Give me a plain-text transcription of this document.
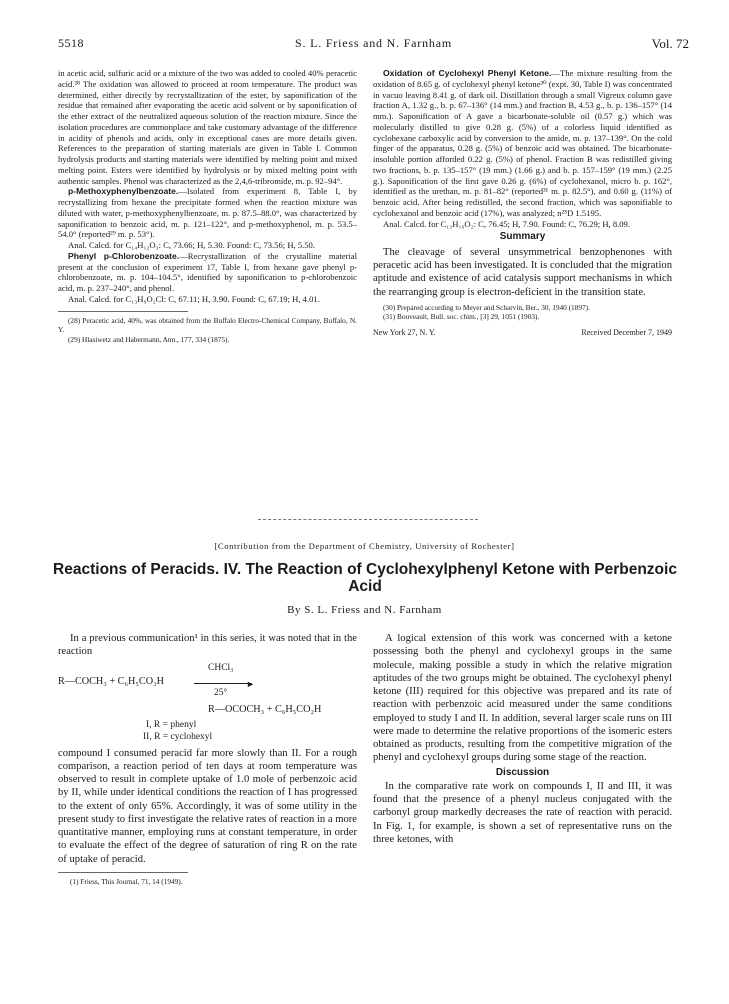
5518	S. L. Friess and N. Farnham	Vol. 72

in acetic acid, sulfuric acid or a mixture of the two was added to cooled 40% peracetic acid.²⁸ The oxidation was allowed to proceed at room temperature. The product was determined, either directly by recrystallization of the ester, by saponification of the residue that remained after evaporating the acetic acid solvent or by saponification of the ether extract of the neutralized aqueous solution of the reaction mixture. Since the isolation procedures are commonplace and take customary advantage of the difference in acidity of phenols and acids, only in exceptional cases are more details given. References to the preparation of starting materials are given in Table I. Common hydrolysis products and starting materials were identified by melting point and mixed melting point. Esters were identified by hydrolysis or by mixed melting point with authentic samples. Phenol was characterized as the 2,4,6-tribromide, m. p. 92–94°.

p-Methoxyphenylbenzoate.—Isolated from experiment 8, Table I, by recrystallizing from hexane the precipitate formed when the reaction mixture was diluted with water, p-methoxyphenylbenzoate, m. p. 87.5–88.0°, was characterized by saponification to benzoic acid, m. p. 121–122°, and p-methoxyphenol, m. p. 53.5–54.0° (reported²⁹ m. p. 53°).

Anal. Calcd. for C₁₄H₁₂O₃: C, 73.66; H, 5.30. Found: C, 73.56; H, 5.50.

Phenyl p-Chlorobenzoate.—Recrystallization of the crystalline material present at the conclusion of experiment 17, Table I, from hexane gave phenyl p-chlorobenzoate, m. p. 104–104.5°, identified by saponification to p-chlorobenzoic acid, m. p. 237–240°, and phenol.

Anal. Calcd. for C₁₃H₉O₂Cl: C, 67.11; H, 3.90. Found: C, 67.19; H, 4.01.

(28) Peracetic acid, 40%, was obtained from the Buffalo Electro-Chemical Company, Buffalo, N. Y.

(29) Hlasiwetz and Habermann, Ann., 177, 334 (1875).

Oxidation of Cyclohexyl Phenyl Ketone.—The mixture resulting from the oxidation of 8.65 g. of cyclohexyl phenyl ketone³⁰ (expt. 30, Table I) was concentrated in vacuo leaving 8.41 g. of dark oil. Distillation through a small Vigreux column gave fraction A, 1.32 g., b. p. 67–136° (14 mm.) and fraction B, 4.53 g., b. p. 136–157° (14 mm.). Saponification of A gave a bicarbonate-soluble oil (0.57 g.) which was molecularly distilled to give 0.28 g. (5%) of a colorless liquid identified as cyclohexane carboxylic acid by conversion to the amide, m. p. 137–139°. On the cold finger of the apparatus, 0.28 g. (5%) of benzoic acid was obtained. The bicarbonate-insoluble portion afforded 0.22 g. (5%) of phenol. Fraction B was redistilled giving two fractions, b. p. 135–157° (19 mm.) (1.66 g.) and b. p. 157–159° (19 mm.) (2.25 g.). Saponification of the first gave 0.26 g. (6%) of cyclohexanol, micro b. p. 162°, identified as the urethan, m. p. 81–82° (reported³¹ m. p. 82.5°), and 0.60 g. (11%) of benzoic acid. After being redistilled, the second fraction, which was saponifiable to cyclohexanol and benzoic acid (17%), was analyzed; n²⁵D 1.5195.

Anal. Calcd. for C₁₃H₁₆O₂: C, 76.45; H, 7.90. Found: C, 76.29; H, 8.09.

Summary

The cleavage of several unsymmetrical benzophenones with peracetic acid has been investigated. It is concluded that the migration aptitude and existence of acid catalysis support mechanisms in which the rearranging group is electron-deficient in the transition state.

(30) Prepared according to Meyer and Scharvin, Ber., 30, 1940 (1897).

(31) Bouveault, Bull. soc. chim., [3] 29, 1051 (1903).

New York 27, N. Y.	Received December 7, 1949
[Contribution from the Department of Chemistry, University of Rochester]
Reactions of Peracids. IV. The Reaction of Cyclohexylphenyl Ketone with Perbenzoic Acid
By S. L. Friess and N. Farnham

In a previous communication¹ in this series, it was noted that in the reaction

CHCl₃
R—COCH₃ + C₆H₅CO₃H	►
25°
R—OCOCH₃ + C₆H₅CO₂H
I, R = phenyl
II, R = cyclohexyl

compound I consumed peracid far more slowly than II. For a rough comparison, a reaction period of ten days at room temperature was observed to result in complete uptake of 1.0 mole of perbenzoic acid by II, while under identical conditions the reaction of I has progressed to the extent of only 65%. Accordingly, it was of some utility in the present study to first investigate the relative rates of reaction in a more quantitative manner, employing runs at constant temperature, in order to evaluate the effect of the degree of saturation of ring R on the rate of uptake of peracid.

(1) Friess, This Journal, 71, 14 (1949).

A logical extension of this work was concerned with a ketone possessing both the phenyl and cyclohexyl groups in the same molecule, making possible a study in which the relative migration aptitudes of the two groups might be obtained. The cyclohexyl phenyl ketone (III) required for this objective was prepared and its rate of reaction with perbenzoic acid measured under the same conditions employed to study I and II. In addition, several larger scale runs on III were made to determine the relative proportions of the isomeric esters obtained as products, resulting from the competitive migration of the phenyl and cyclohexyl groups during some stage of the reaction.

Discussion

In the comparative rate work on compounds I, II and III, it was found that the presence of a phenyl nucleus conjugated with the carbonyl group markedly decreases the rate of reaction with peracid. In Fig. 1, for example, is shown a set of representative runs on the three ketones, with
